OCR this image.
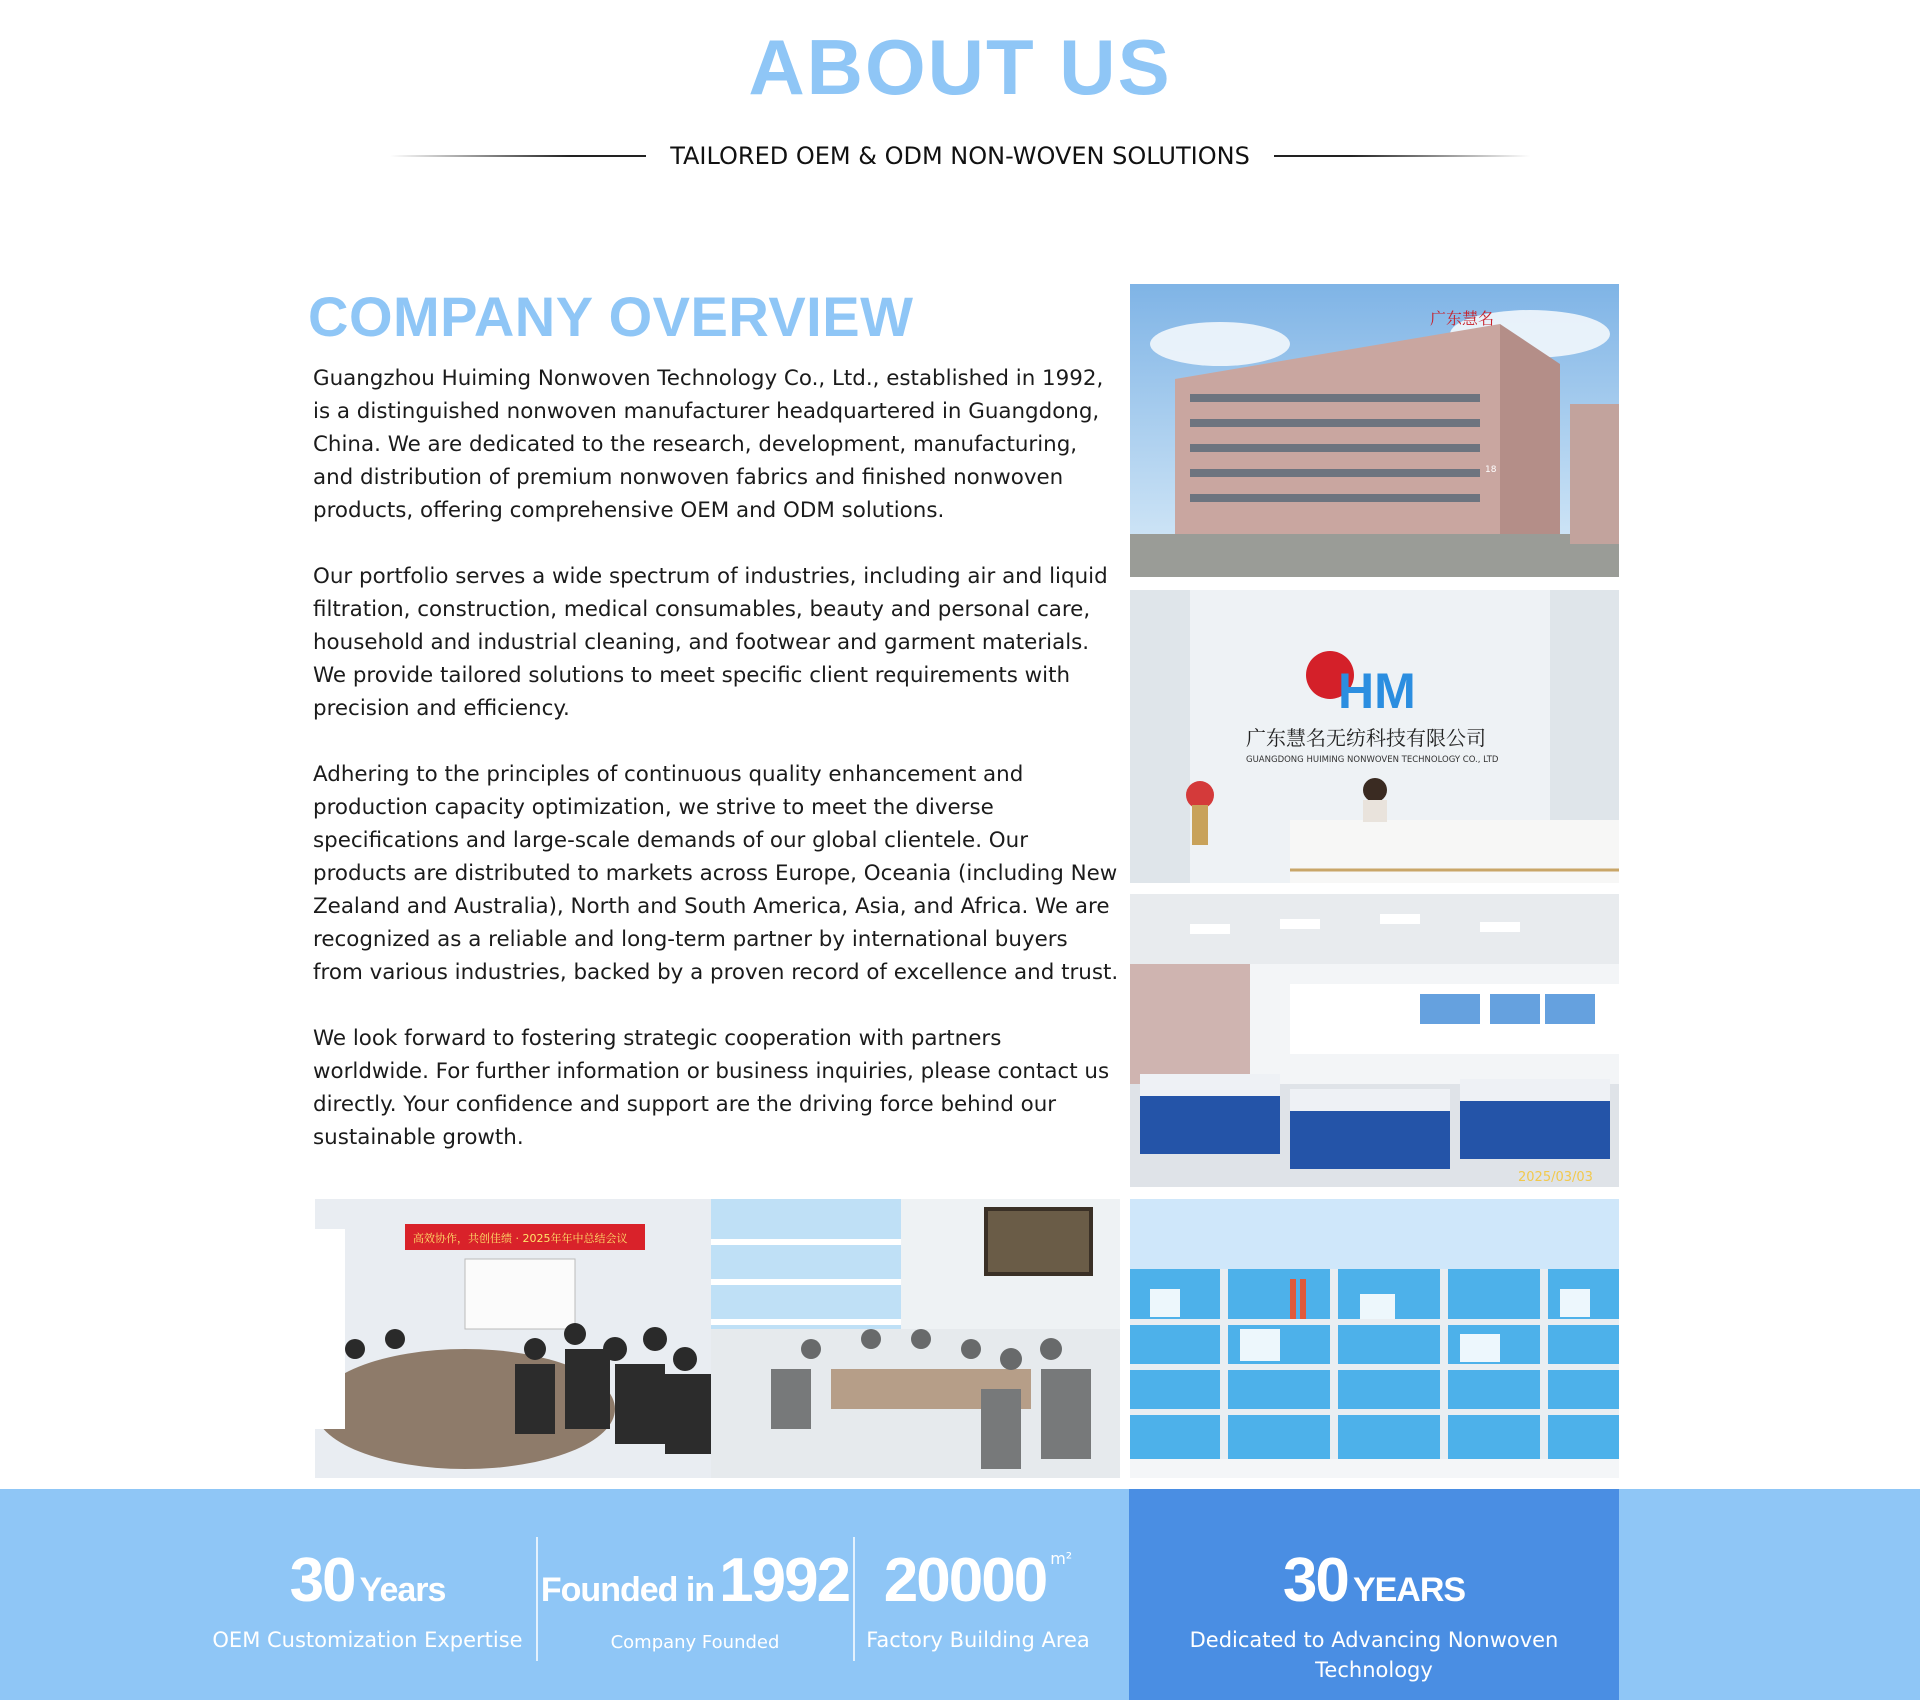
ABOUT US
TAILORED OEM & ODM NON-WOVEN SOLUTIONS
COMPANY OVERVIEW

Guangzhou Huiming Nonwoven Technology Co., Ltd., established in 1992, is a distinguished nonwoven manufacturer headquartered in Guangdong, China. We are dedicated to the research, development, manufacturing, and distribution of premium nonwoven fabrics and finished nonwoven products, offering comprehensive OEM and ODM solutions.

Our portfolio serves a wide spectrum of industries, including air and liquid filtration, construction, medical consumables, beauty and personal care, household and industrial cleaning, and footwear and garment materials. We provide tailored solutions to meet specific client requirements with precision and efficiency.

Adhering to the principles of continuous quality enhancement and production capacity optimization, we strive to meet the diverse specifications and large-scale demands of our global clientele. Our products are distributed to markets across Europe, Oceania (including New Zealand and Australia), North and South America, Asia, and Africa. We are recognized as a reliable and long-term partner by international buyers from various industries, backed by a proven record of excellence and trust.

We look forward to fostering strategic cooperation with partners worldwide. For further information or business inquiries, please contact us directly. Your confidence and support are the driving force behind our sustainable growth.

广东慧名
18
HM
广东慧名无纺科技有限公司
GUANGDONG HUIMING NONWOVEN TECHNOLOGY CO., LTD
2025/03/03
高效协作，共创佳绩 · 2025年年中总结会议
30 Years
OEM Customization Expertise
Founded in 1992
Company Founded
20000 m²
Factory Building Area
30 YEARS
Dedicated to Advancing Nonwoven Technology
